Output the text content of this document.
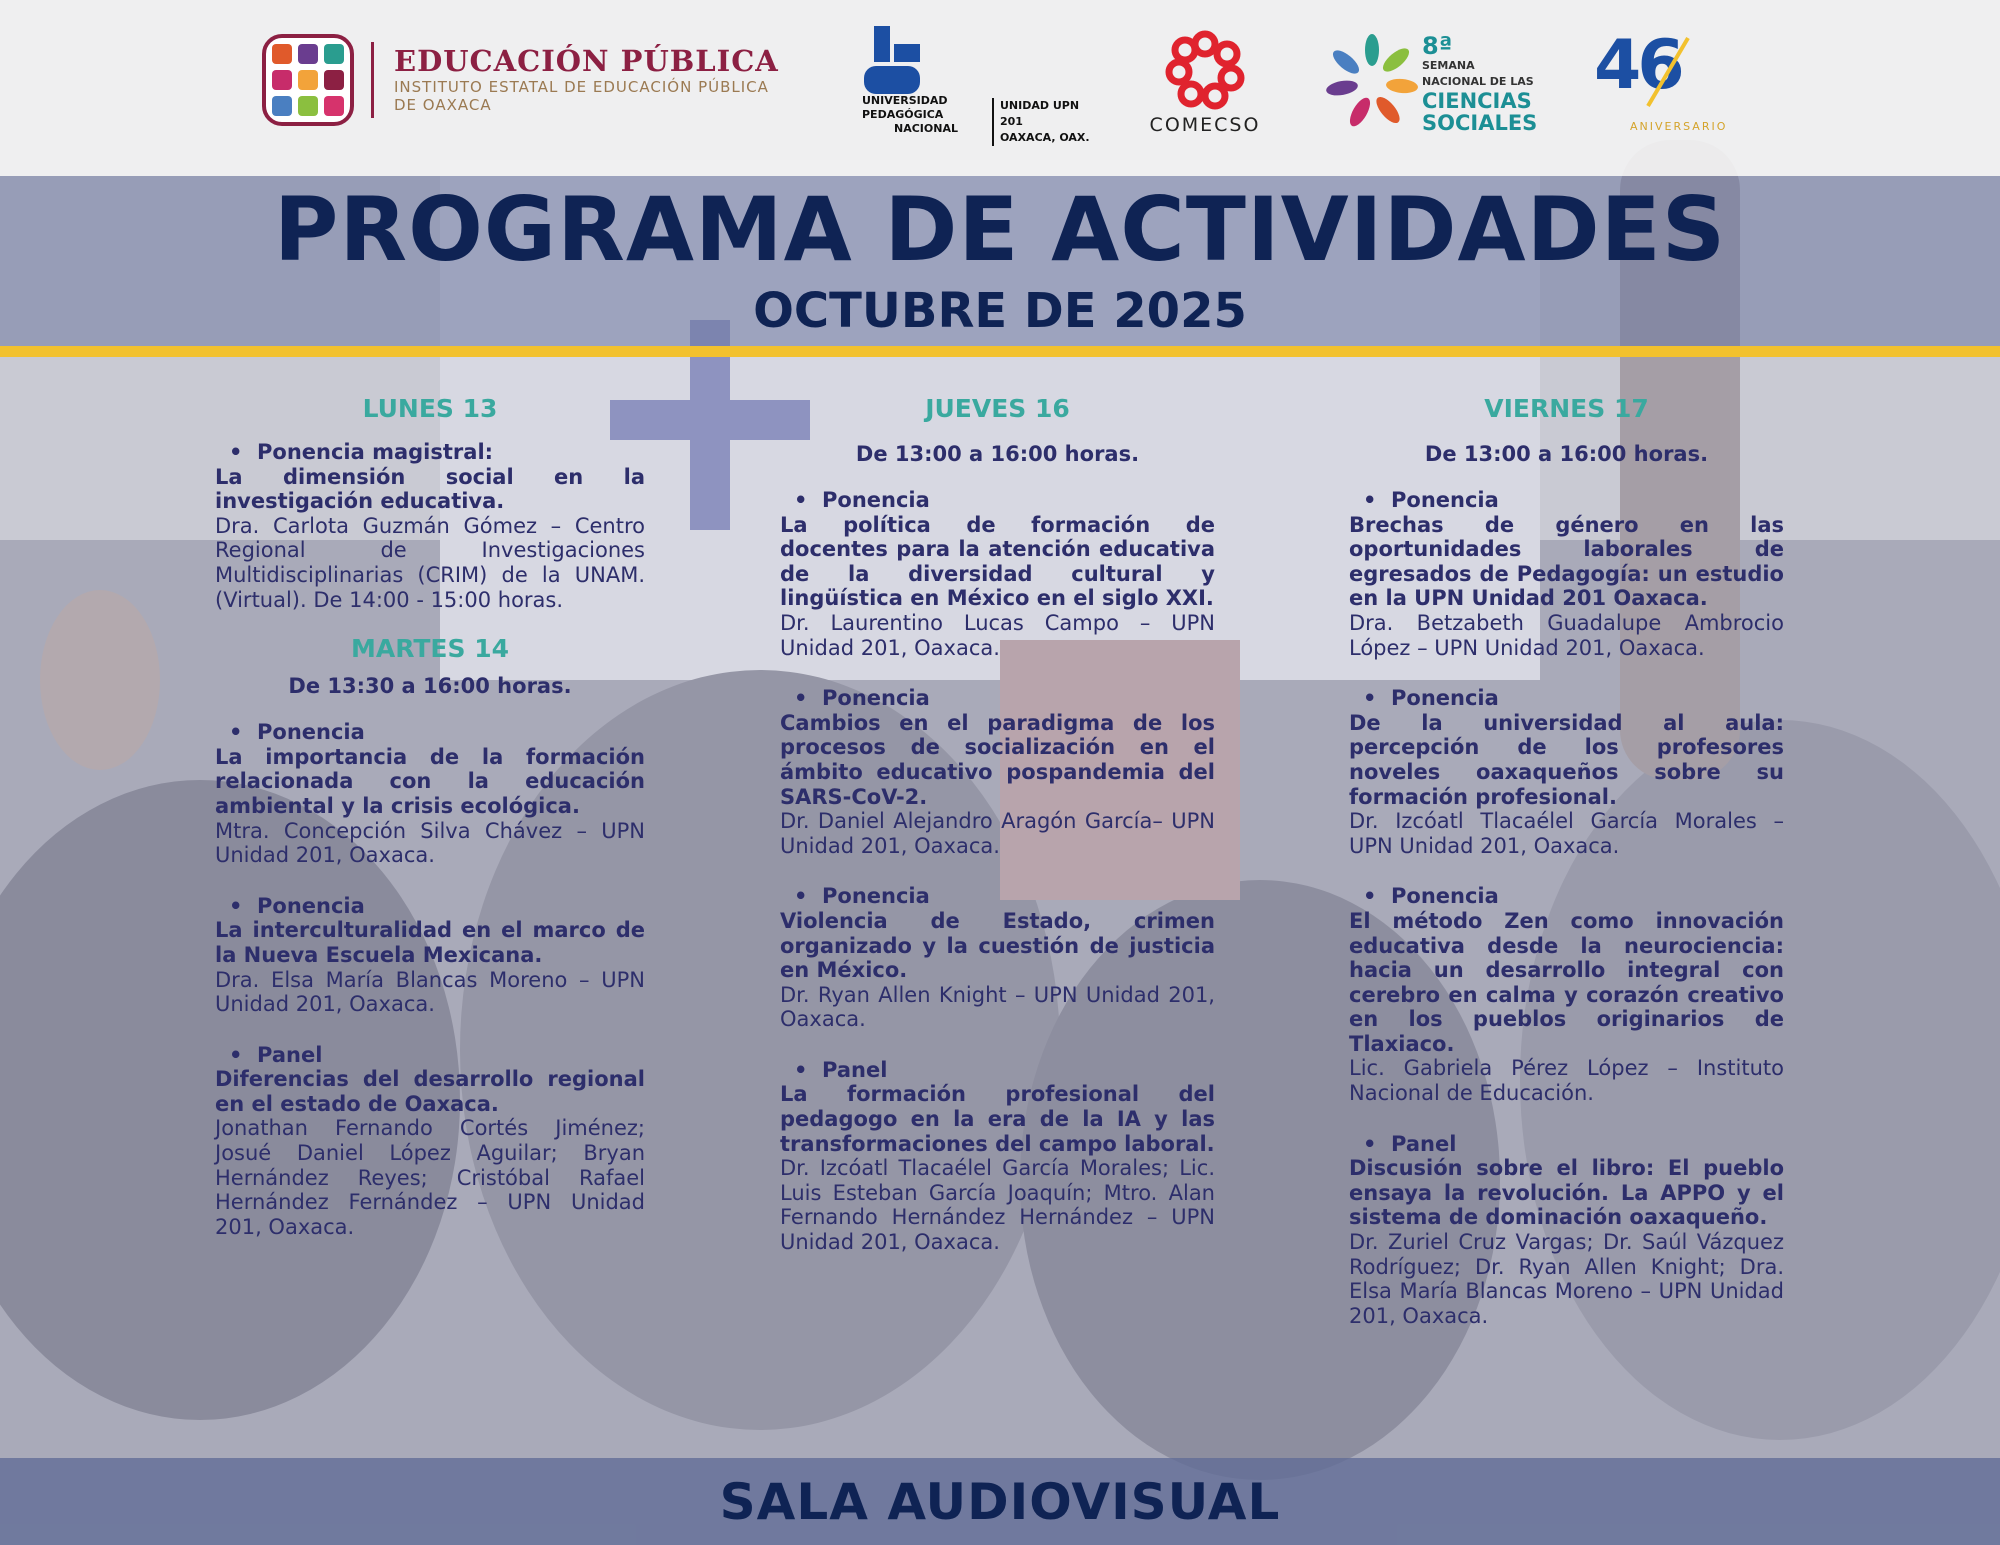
EDUCACIÓN PÚBLICA
INSTITUTO ESTATAL DE EDUCACIÓN PÚBLICA
DE OAXACA	UNIVERSIDAD
PEDAGÓGICA
NACIONAL
UNIDAD UPN 201
OAXACA, OAX.
COMECSO
8ª
SEMANA
NACIONAL DE LAS
CIENCIAS
SOCIALES
46
ANIVERSARIO
PROGRAMA DE ACTIVIDADES
OCTUBRE DE 2025
LUNES 13
• Ponencia magistral:
La dimensión social en la investigación educativa.
Dra. Carlota Guzmán Gómez – Centro Regional de Investigaciones Multidisciplinarias (CRIM) de la UNAM. (Virtual). De 14:00 - 15:00 horas.
MARTES 14
De 13:30 a 16:00 horas.
• Ponencia
La importancia de la formación relacionada con la educación ambiental y la crisis ecológica.
Mtra. Concepción Silva Chávez – UPN Unidad 201, Oaxaca.
• Ponencia
La interculturalidad en el marco de la Nueva Escuela Mexicana.
Dra. Elsa María Blancas Moreno – UPN Unidad 201, Oaxaca.
• Panel
Diferencias del desarrollo regional en el estado de Oaxaca.
Jonathan Fernando Cortés Jiménez; Josué Daniel López Aguilar; Bryan Hernández Reyes; Cristóbal Rafael Hernández Fernández – UPN Unidad 201, Oaxaca.
JUEVES 16
De 13:00 a 16:00 horas.
• Ponencia
La política de formación de docentes para la atención educativa de la diversidad cultural y lingüística en México en el siglo XXI.
Dr. Laurentino Lucas Campo – UPN Unidad 201, Oaxaca.
• Ponencia
Cambios en el paradigma de los procesos de socialización en el ámbito educativo pospandemia del SARS-CoV-2.
Dr. Daniel Alejandro Aragón García– UPN Unidad 201, Oaxaca.
• Ponencia
Violencia de Estado, crimen organizado y la cuestión de justicia en México.
Dr. Ryan Allen Knight – UPN Unidad 201, Oaxaca.
• Panel
La formación profesional del pedagogo en la era de la IA y las transformaciones del campo laboral.
Dr. Izcóatl Tlacaélel García Morales; Lic. Luis Esteban García Joaquín; Mtro. Alan Fernando Hernández Hernández – UPN Unidad 201, Oaxaca.
VIERNES 17
De 13:00 a 16:00 horas.
• Ponencia
Brechas de género en las oportunidades laborales de egresados de Pedagogía: un estudio en la UPN Unidad 201 Oaxaca.
Dra. Betzabeth Guadalupe Ambrocio López – UPN Unidad 201, Oaxaca.
• Ponencia
De la universidad al aula: percepción de los profesores noveles oaxaqueños sobre su formación profesional.
Dr. Izcóatl Tlacaélel García Morales – UPN Unidad 201, Oaxaca.
• Ponencia
El método Zen como innovación educativa desde la neurociencia: hacia un desarrollo integral con cerebro en calma y corazón creativo en los pueblos originarios de Tlaxiaco.
Lic. Gabriela Pérez López – Instituto Nacional de Educación.
• Panel
Discusión sobre el libro: El pueblo ensaya la revolución. La APPO y el sistema de dominación oaxaqueño.
Dr. Zuriel Cruz Vargas; Dr. Saúl Vázquez Rodríguez; Dr. Ryan Allen Knight; Dra. Elsa María Blancas Moreno – UPN Unidad 201, Oaxaca.
SALA AUDIOVISUAL
